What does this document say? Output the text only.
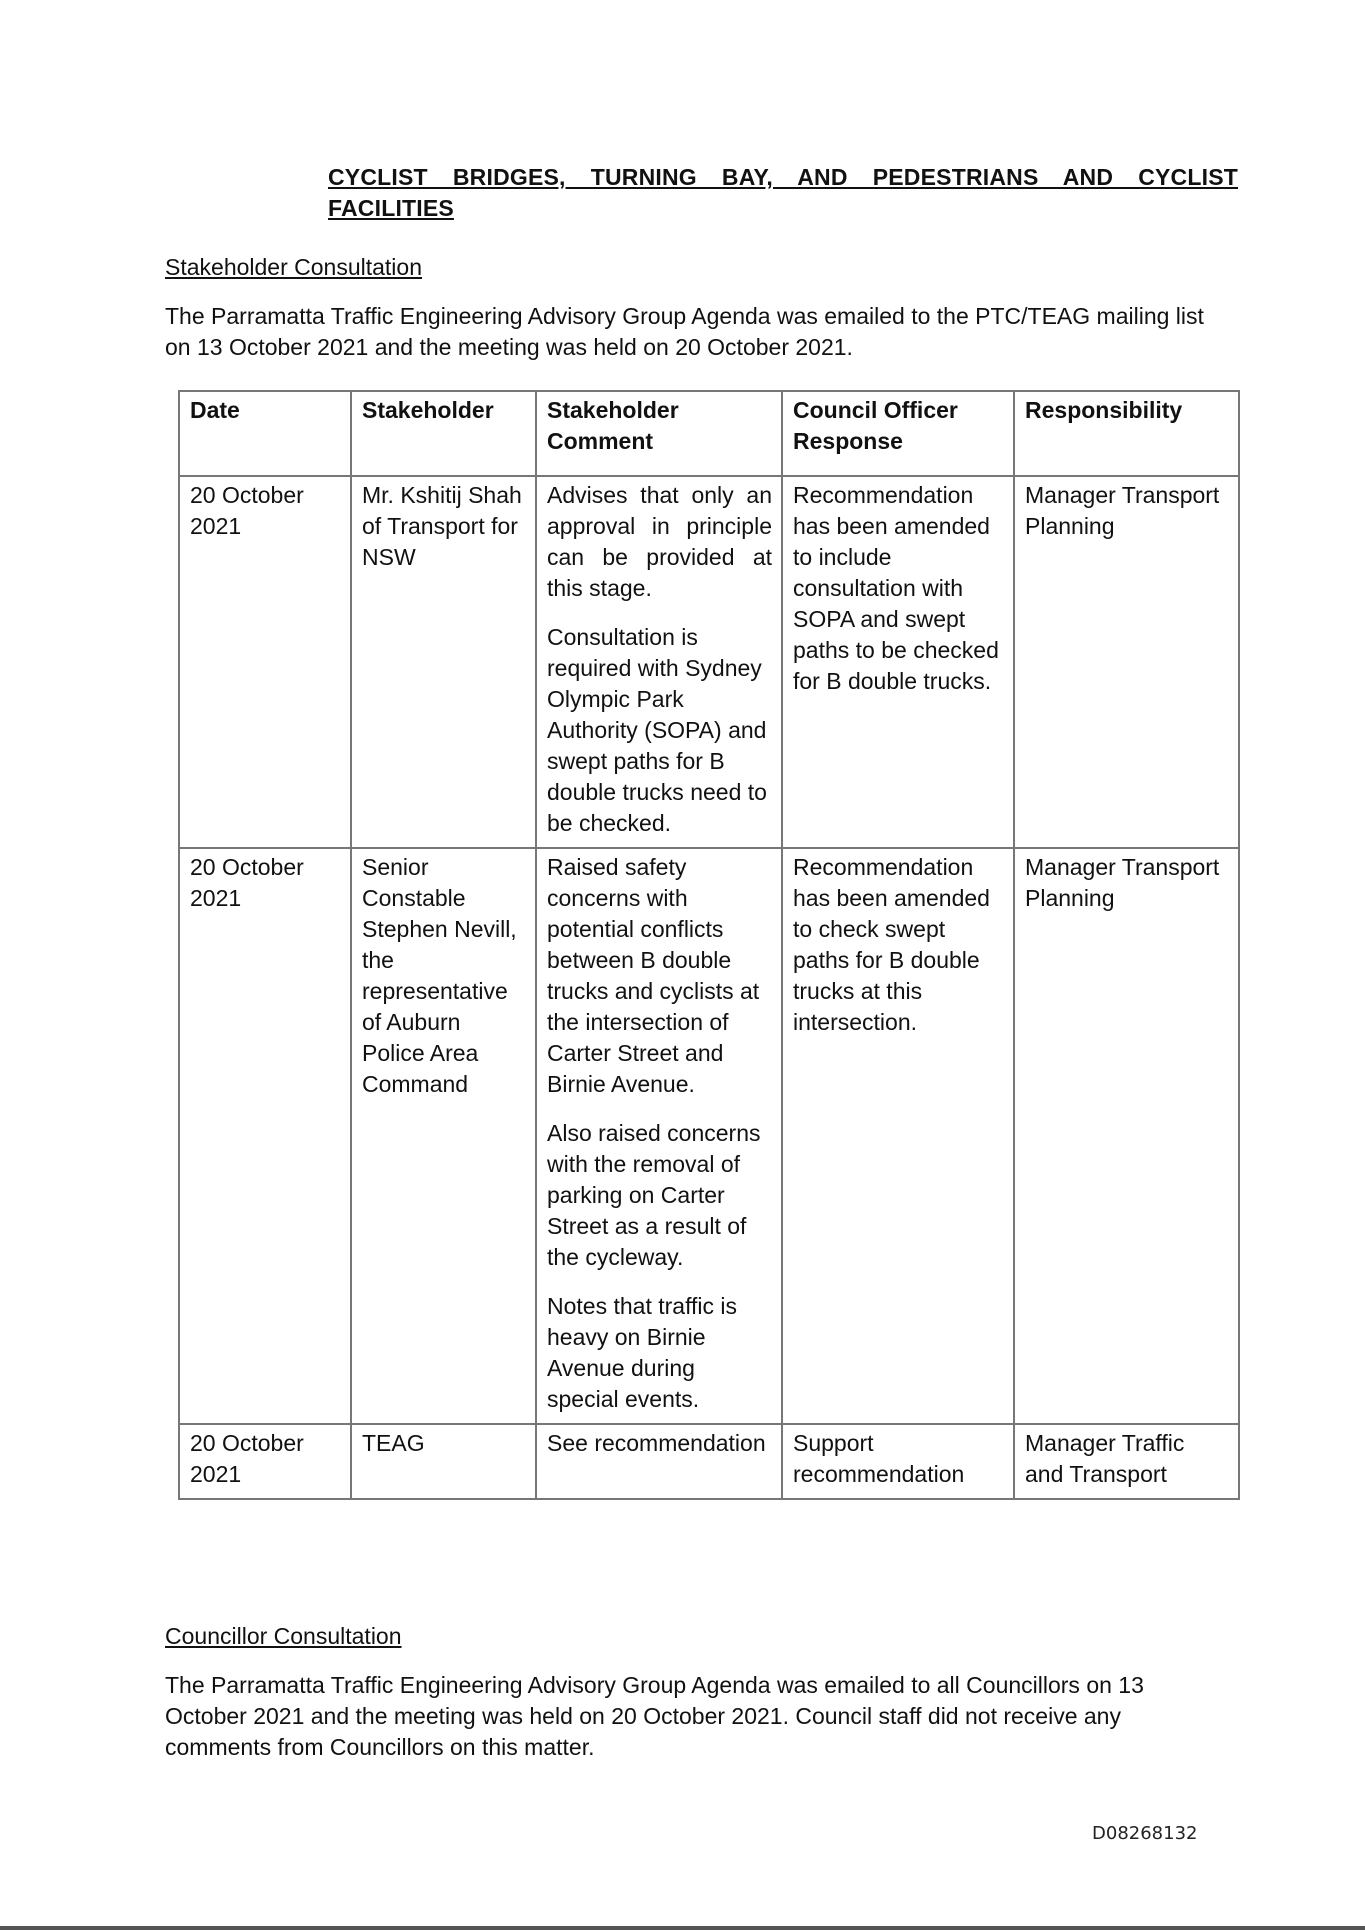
CYCLIST BRIDGES, TURNING BAY, AND PEDESTRIANS AND CYCLIST FACILITIES
Stakeholder Consultation
The Parramatta Traffic Engineering Advisory Group Agenda was emailed to the PTC/TEAG mailing list on 13 October 2021 and the meeting was held on 20 October 2021.
Date	Stakeholder	Stakeholder Comment	Council Officer Response	Responsibility
20 October 2021	Mr. Kshitij Shah of Transport for NSW	Advises that only an approval in principle can be provided at this stage.

Consultation is required with Sydney Olympic Park Authority (SOPA) and swept paths for B double trucks need to be checked.	Recommendation has been amended to include consultation with SOPA and swept paths to be checked for B double trucks.	Manager Transport Planning
20 October 2021	Senior Constable Stephen Nevill, the representative of Auburn Police Area Command	Raised safety concerns with potential conflicts between B double trucks and cyclists at the intersection of Carter Street and Birnie Avenue.

Also raised concerns with the removal of parking on Carter Street as a result of the cycleway.

Notes that traffic is heavy on Birnie Avenue during special events.	Recommendation has been amended to check swept paths for B double trucks at this intersection.	Manager Transport Planning
20 October 2021	TEAG	See recommendation	Support recommendation	Manager Traffic and Transport
Councillor Consultation
The Parramatta Traffic Engineering Advisory Group Agenda was emailed to all Councillors on 13 October 2021 and the meeting was held on 20 October 2021. Council staff did not receive any comments from Councillors on this matter.
D08268132
